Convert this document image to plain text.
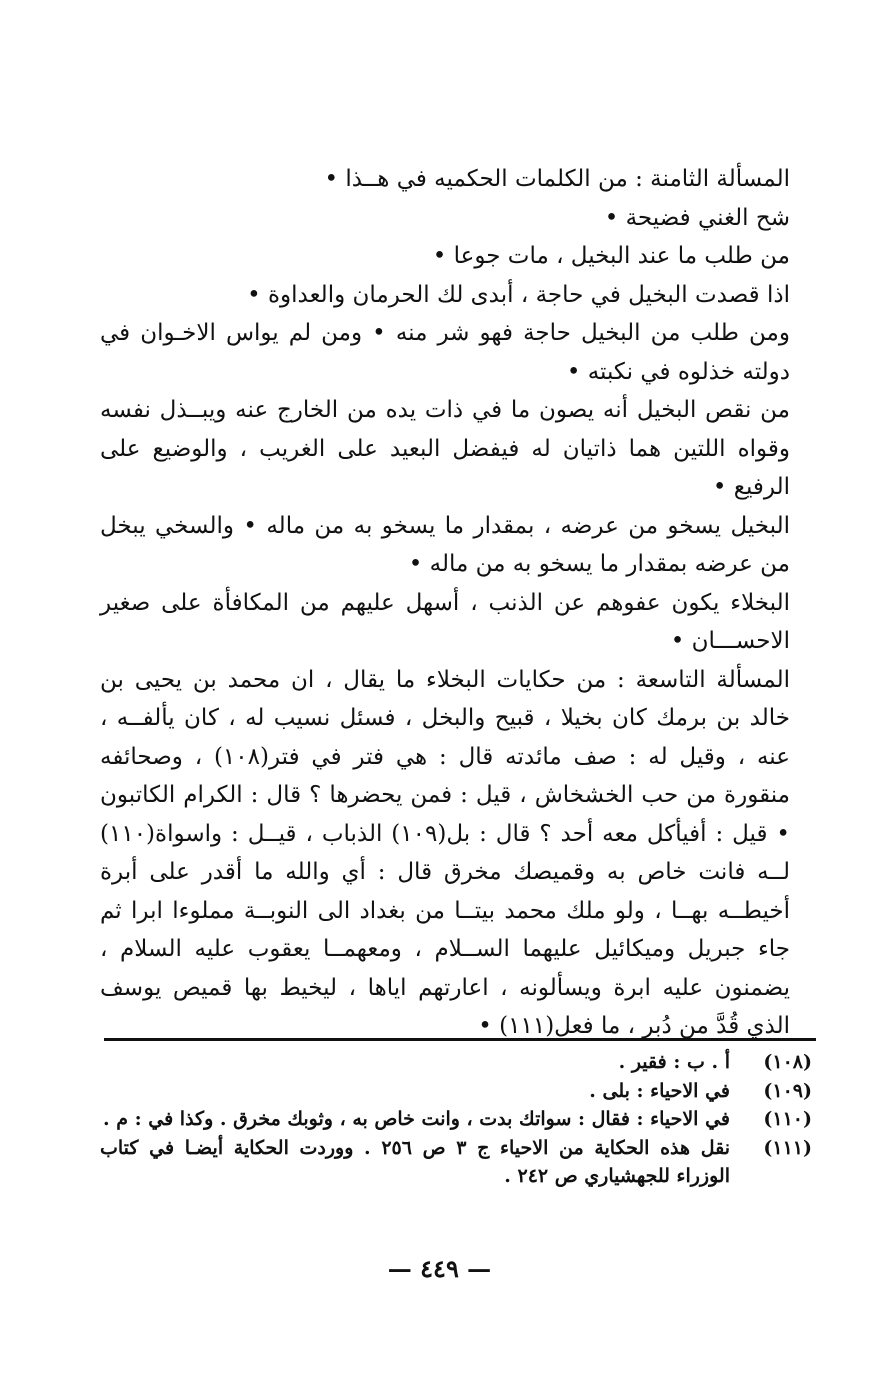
المسألة الثامنة : من الكلمات الحكميه في هــذا •

شح الغني فضيحة •

من طلب ما عند البخيل ، مات جوعا •

اذا قصدت البخيل في حاجة ، أبدى لك الحرمان والعداوة •

ومن طلب من البخيل حاجة فهو شر منه • ومن لم يواس الاخـوان في دولته خذلوه في نكبته •

من نقص البخيل أنه يصون ما في ذات يده من الخارج عنه ويبــذل نفسه وقواه اللتين هما ذاتيان له فيفضل البعيد على الغريب ، والوضيع على الرفيع •

البخيل يسخو من عرضه ، بمقدار ما يسخو به من ماله • والسخي يبخل من عرضه بمقدار ما يسخو به من ماله •

البخلاء يكون عفوهم عن الذنب ، أسهل عليهم من المكافأة على صغير الاحســـان •

المسألة التاسعة : من حكايات البخلاء ما يقال ، ان محمد بن يحيى بن خالد بن برمك كان بخيلا ، قبيح والبخل ، فسئل نسيب له ، كان يألفــه ، عنه ، وقيل له : صف مائدته قال : هي فتر في فتر(١٠٨) ، وصحائفه منقورة من حب الخشخاش ، قيل : فمن يحضرها ؟ قال : الكرام الكاتبون • قيل : أفيأكل معه أحد ؟ قال : بل(١٠٩) الذباب ، قيــل : واسواة(١١٠) لــه فانت خاص به وقميصك مخرق قال : أي والله ما أقدر على أبرة أخيطــه بهــا ، ولو ملك محمد بيتــا من بغداد الى النوبــة مملوءا ابرا ثم جاء جبريل وميكائيل عليهما الســلام ، ومعهمــا يعقوب عليه السلام ، يضمنون عليه ابرة ويسألونه ، اعارتهم اياها ، ليخيط بها قميص يوسف الذي قُدَّ من دُبر ، ما فعل(١١١) •

(١٠٨)
أ . ب : فقير .
(١٠٩)
في الاحياء : بلى .
(١١٠)
في الاحياء : فقال : سواتك بدت ، وانت خاص به ، وثوبك مخرق . وكذا في : م .
(١١١)
نقل هذه الحكاية من الاحياء ج ٣ ص ٢٥٦ . ووردت الحكاية أيضـا في كتاب الوزراء للجهشياري ص ٢٤٢ .
— ٤٤٩ —
